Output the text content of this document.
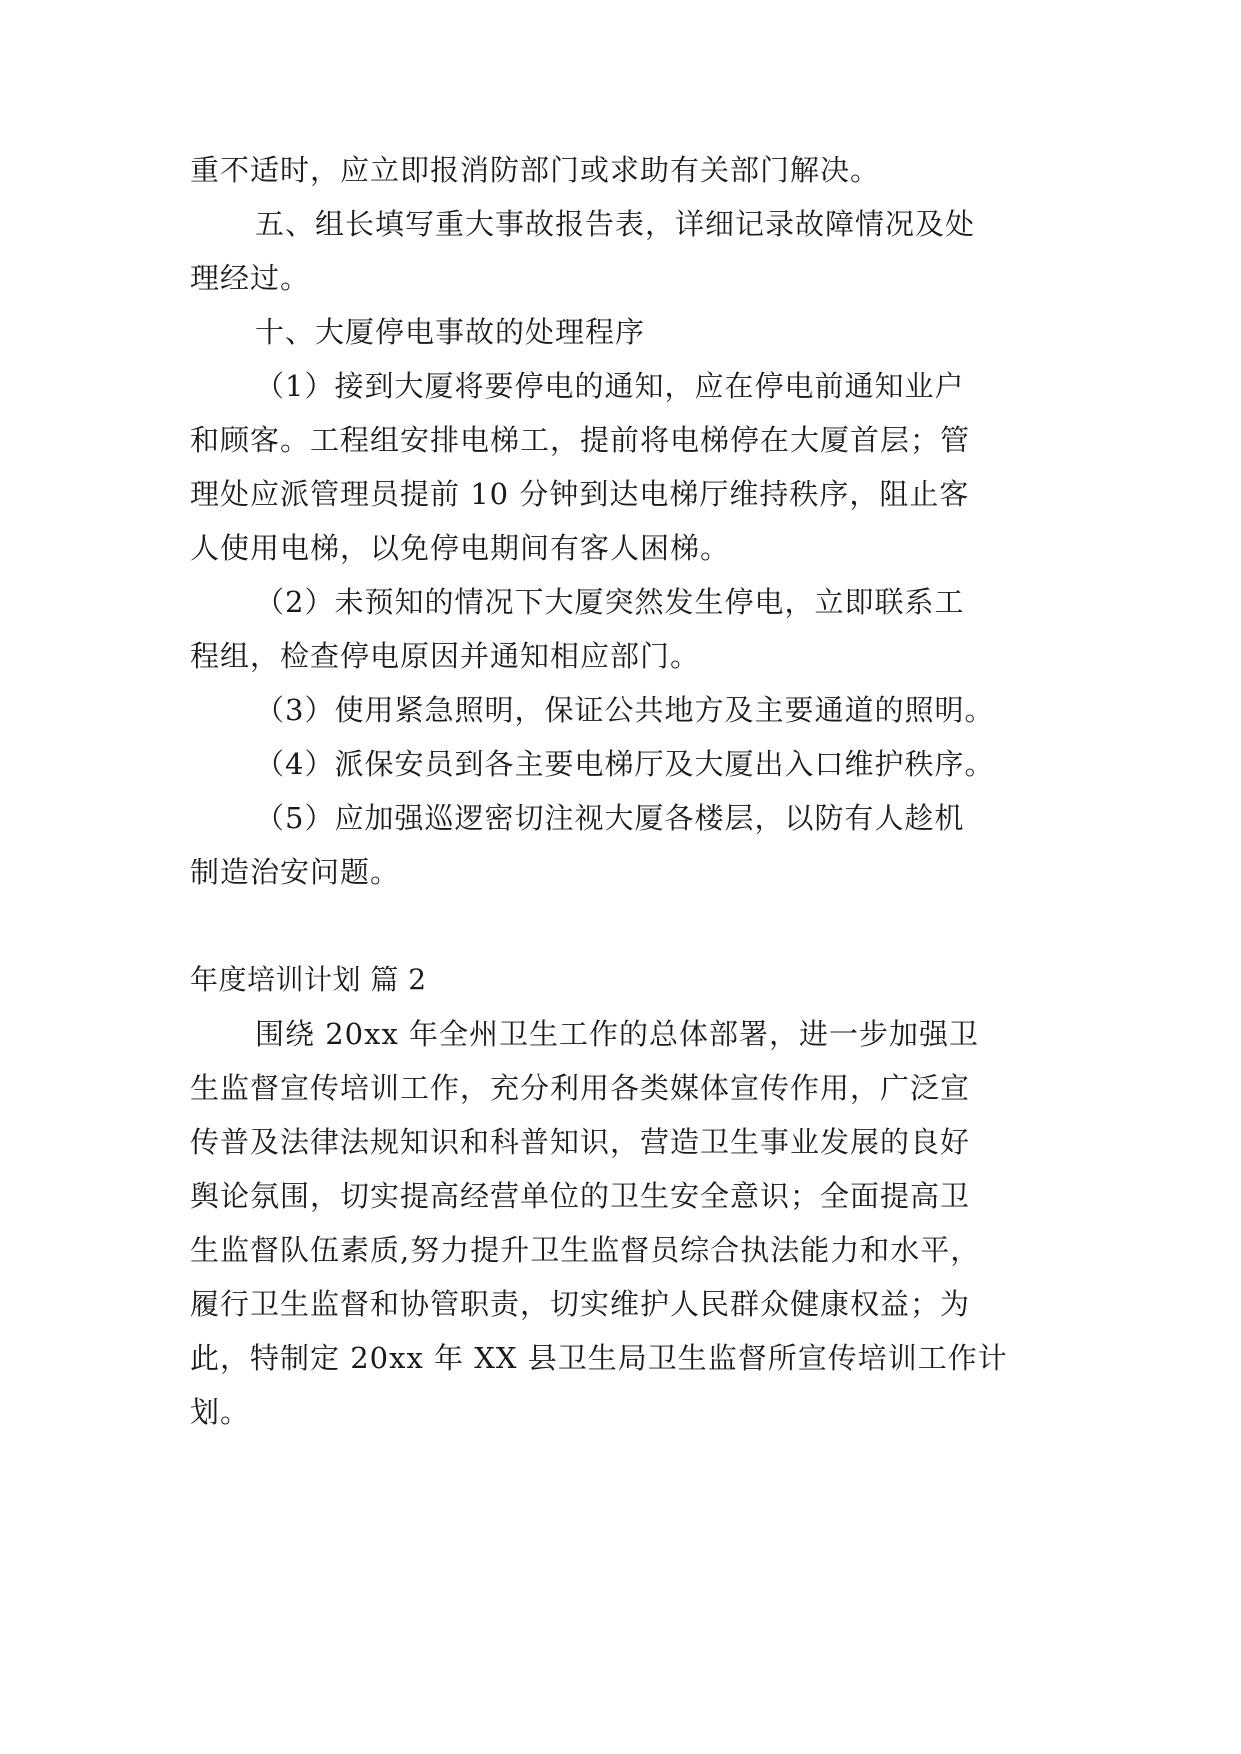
重不适时，应立即报消防部门或求助有关部门解决。
五、组长填写重大事故报告表，详细记录故障情况及处
理经过。
十、大厦停电事故的处理程序
（1）接到大厦将要停电的通知，应在停电前通知业户
和顾客。工程组安排电梯工，提前将电梯停在大厦首层；管
理处应派管理员提前 10 分钟到达电梯厅维持秩序，阻止客
人使用电梯，以免停电期间有客人困梯。
（2）未预知的情况下大厦突然发生停电，立即联系工
程组，检查停电原因并通知相应部门。
（3）使用紧急照明，保证公共地方及主要通道的照明。
（4）派保安员到各主要电梯厅及大厦出入口维护秩序。
（5）应加强巡逻密切注视大厦各楼层，以防有人趁机
制造治安问题。
年度培训计划 篇 2
围绕 20xx 年全州卫生工作的总体部署，进一步加强卫
生监督宣传培训工作，充分利用各类媒体宣传作用，广泛宣
传普及法律法规知识和科普知识，营造卫生事业发展的良好
舆论氛围，切实提高经营单位的卫生安全意识；全面提高卫
生监督队伍素质,努力提升卫生监督员综合执法能力和水平，
履行卫生监督和协管职责，切实维护人民群众健康权益；为
此，特制定 20xx 年 XX 县卫生局卫生监督所宣传培训工作计
划。
